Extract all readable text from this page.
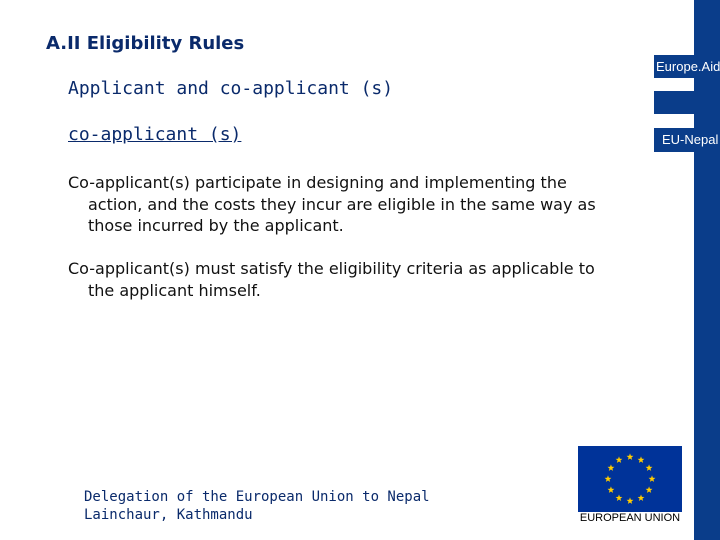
Europe.Aid
EU-Nepal
A.II Eligibility Rules
Applicant and co-applicant (s)
co-applicant (s)
Co-applicant(s) participate in designing and implementing the
action, and the costs they incur are eligible in the same way as
those incurred by the applicant.
Co-applicant(s) must satisfy the eligibility criteria as applicable to
the applicant himself.
Delegation of the European Union to Nepal
Lainchaur, Kathmandu	EUROPEAN UNION
